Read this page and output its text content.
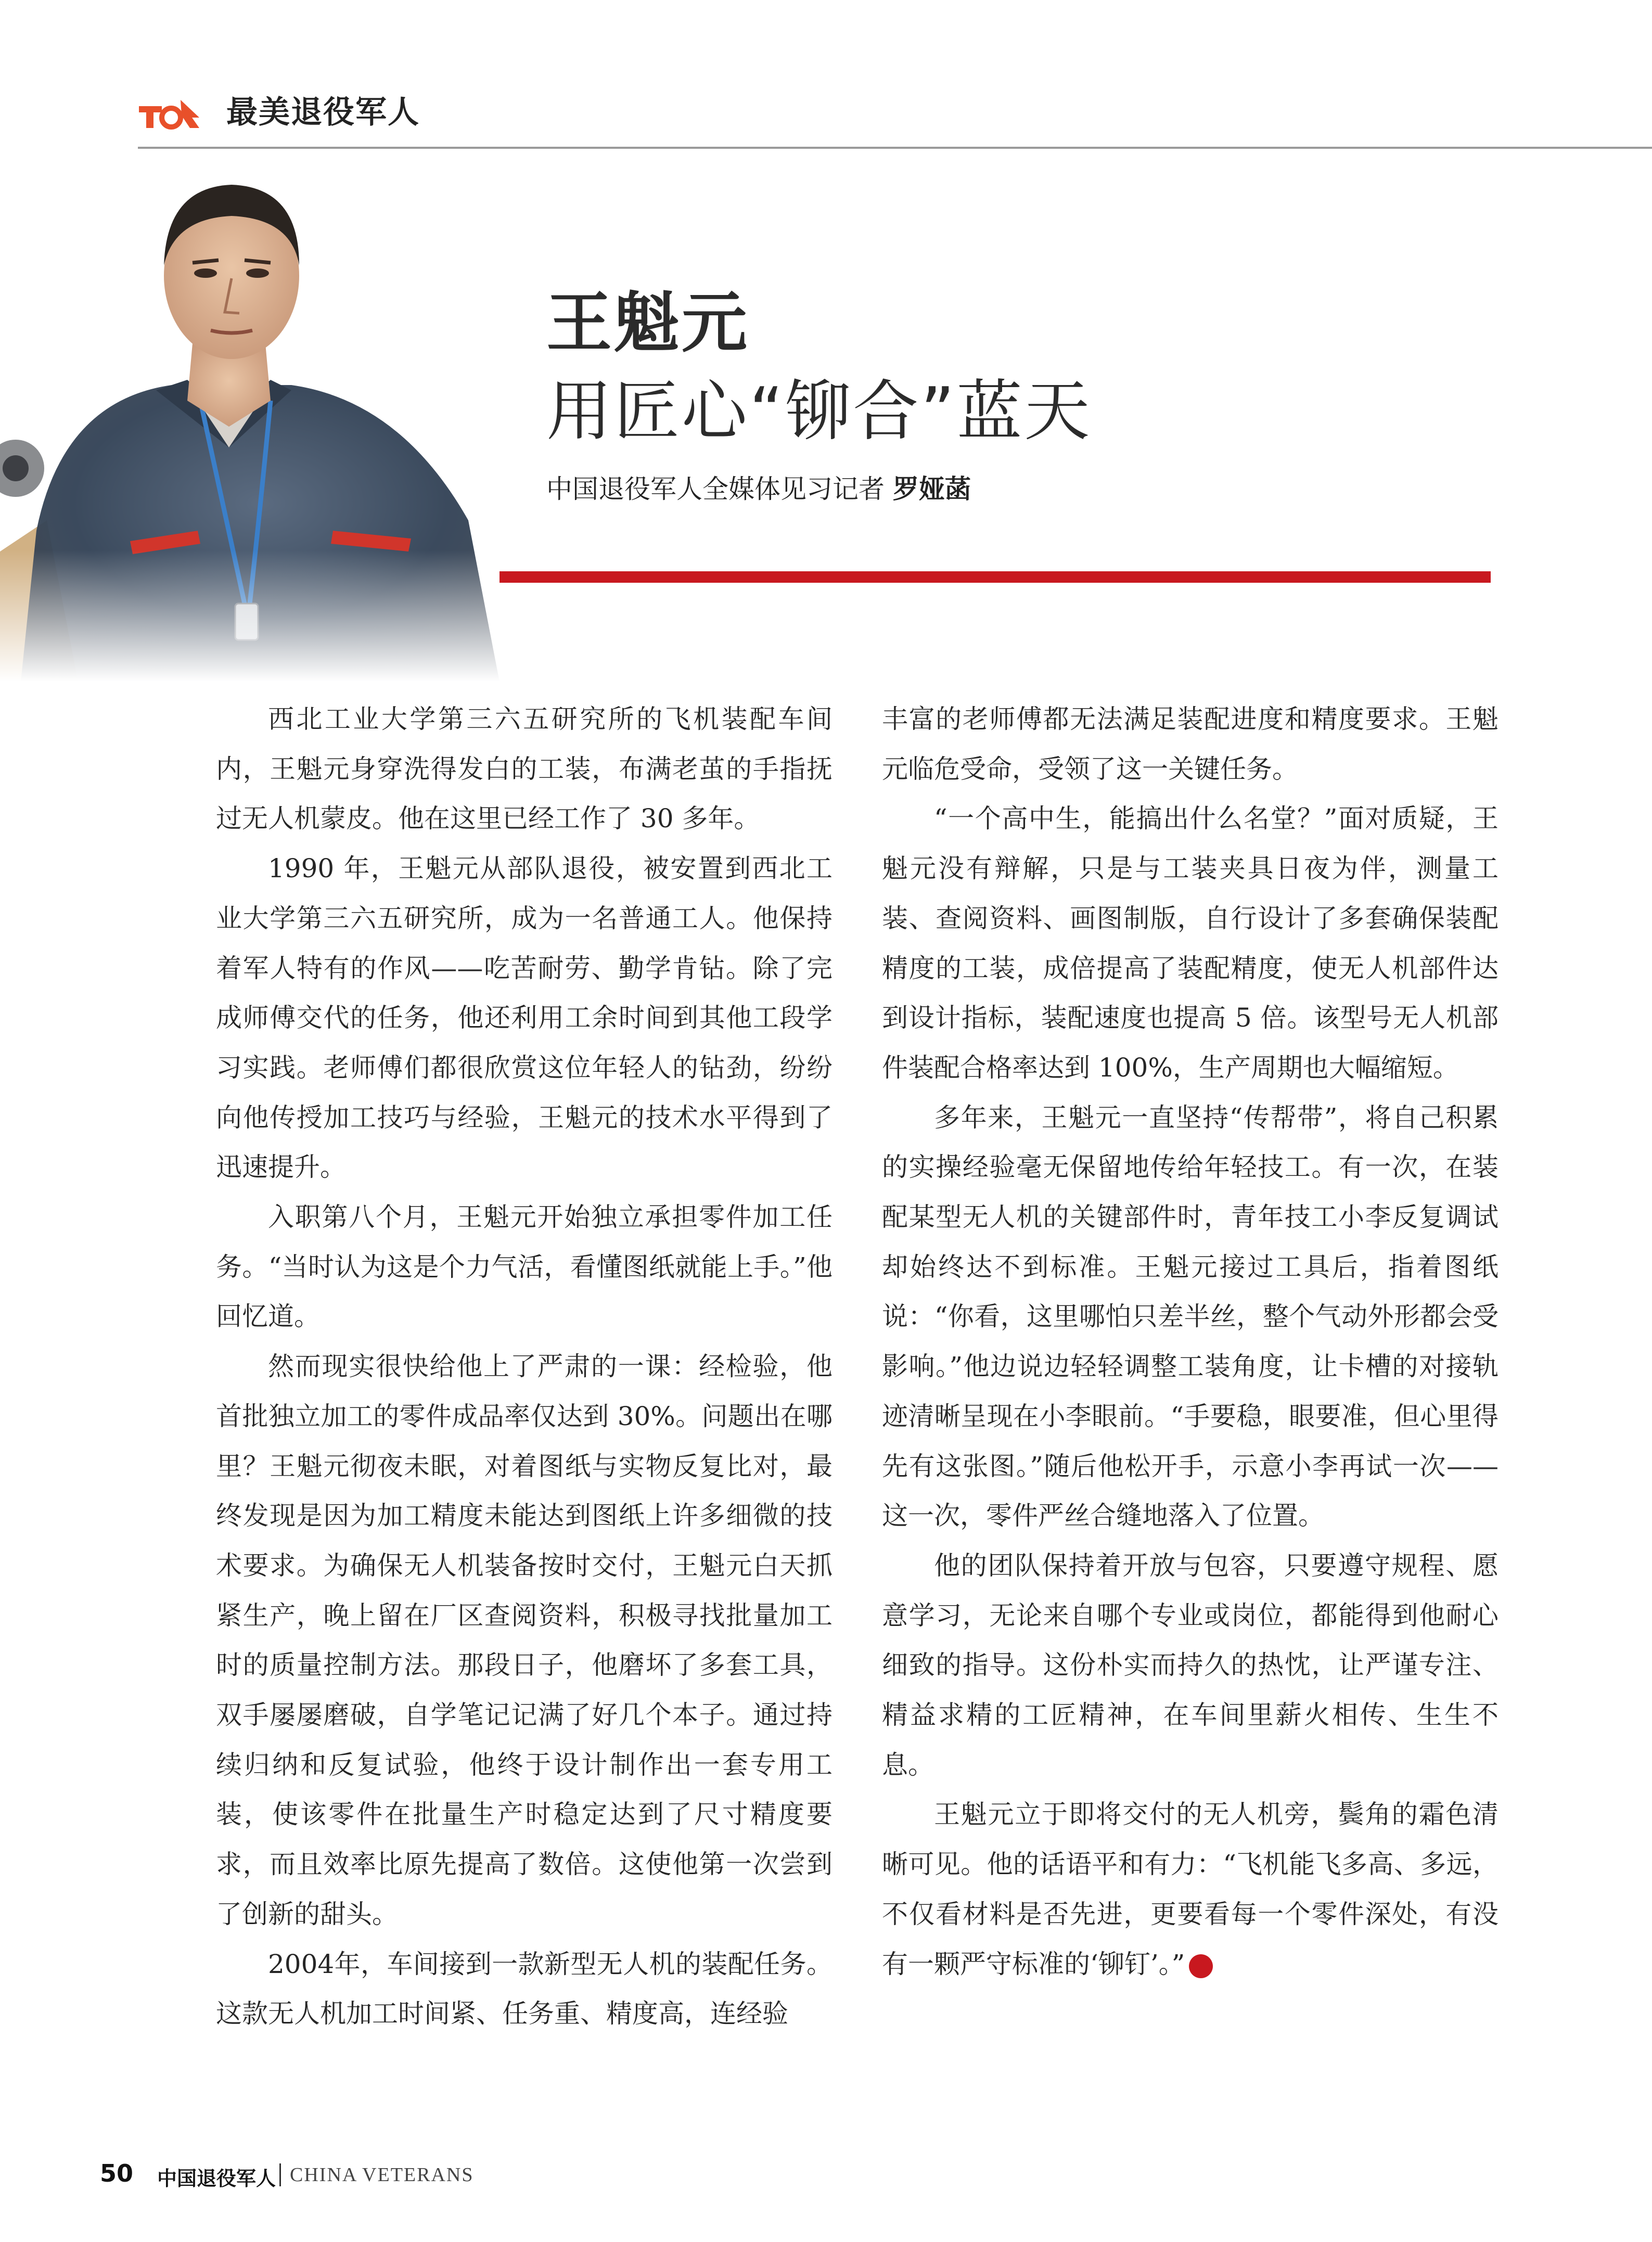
最美退役军人
王魁元
用匠心“铆合”蓝天
中国退役军人全媒体见习记者 罗娅菡

西北工业大学第三六五研究所的飞机装配车间内，王魁元身穿洗得发白的工装，布满老茧的手指抚过无人机蒙皮。他在这里已经工作了 30 多年。

1990 年，王魁元从部队退役，被安置到西北工业大学第三六五研究所，成为一名普通工人。他保持着军人特有的作风——吃苦耐劳、勤学肯钻。除了完成师傅交代的任务，他还利用工余时间到其他工段学习实践。老师傅们都很欣赏这位年轻人的钻劲，纷纷向他传授加工技巧与经验，王魁元的技术水平得到了迅速提升。

入职第八个月，王魁元开始独立承担零件加工任务。“当时认为这是个力气活，看懂图纸就能上手。”他回忆道。

然而现实很快给他上了严肃的一课：经检验，他首批独立加工的零件成品率仅达到 30%。问题出在哪里？王魁元彻夜未眠，对着图纸与实物反复比对，最终发现是因为加工精度未能达到图纸上许多细微的技术要求。为确保无人机装备按时交付，王魁元白天抓紧生产，晚上留在厂区查阅资料，积极寻找批量加工时的质量控制方法。那段日子，他磨坏了多套工具，双手屡屡磨破，自学笔记记满了好几个本子。通过持续归纳和反复试验，他终于设计制作出一套专用工装，使该零件在批量生产时稳定达到了尺寸精度要求，而且效率比原先提高了数倍。这使他第一次尝到了创新的甜头。

2004年，车间接到一款新型无人机的装配任务。这款无人机加工时间紧、任务重、精度高，连经验

丰富的老师傅都无法满足装配进度和精度要求。王魁元临危受命，受领了这一关键任务。

“一个高中生，能搞出什么名堂？”面对质疑，王魁元没有辩解，只是与工装夹具日夜为伴，测量工装、查阅资料、画图制版，自行设计了多套确保装配精度的工装，成倍提高了装配精度，使无人机部件达到设计指标，装配速度也提高 5 倍。该型号无人机部件装配合格率达到 100%，生产周期也大幅缩短。

多年来，王魁元一直坚持“传帮带”，将自己积累的实操经验毫无保留地传给年轻技工。有一次，在装配某型无人机的关键部件时，青年技工小李反复调试却始终达不到标准。王魁元接过工具后，指着图纸说：“你看，这里哪怕只差半丝，整个气动外形都会受影响。”他边说边轻轻调整工装角度，让卡槽的对接轨迹清晰呈现在小李眼前。“手要稳，眼要准，但心里得先有这张图。”随后他松开手，示意小李再试一次——这一次，零件严丝合缝地落入了位置。

他的团队保持着开放与包容，只要遵守规程、愿意学习，无论来自哪个专业或岗位，都能得到他耐心细致的指导。这份朴实而持久的热忱，让严谨专注、精益求精的工匠精神，在车间里薪火相传、生生不息。

王魁元立于即将交付的无人机旁，鬓角的霜色清晰可见。他的话语平和有力：“飞机能飞多高、多远，不仅看材料是否先进，更要看每一个零件深处，有没有一颗严守标准的‘铆钉’。”	V

50 中国退役军人 CHINA VETERANS
